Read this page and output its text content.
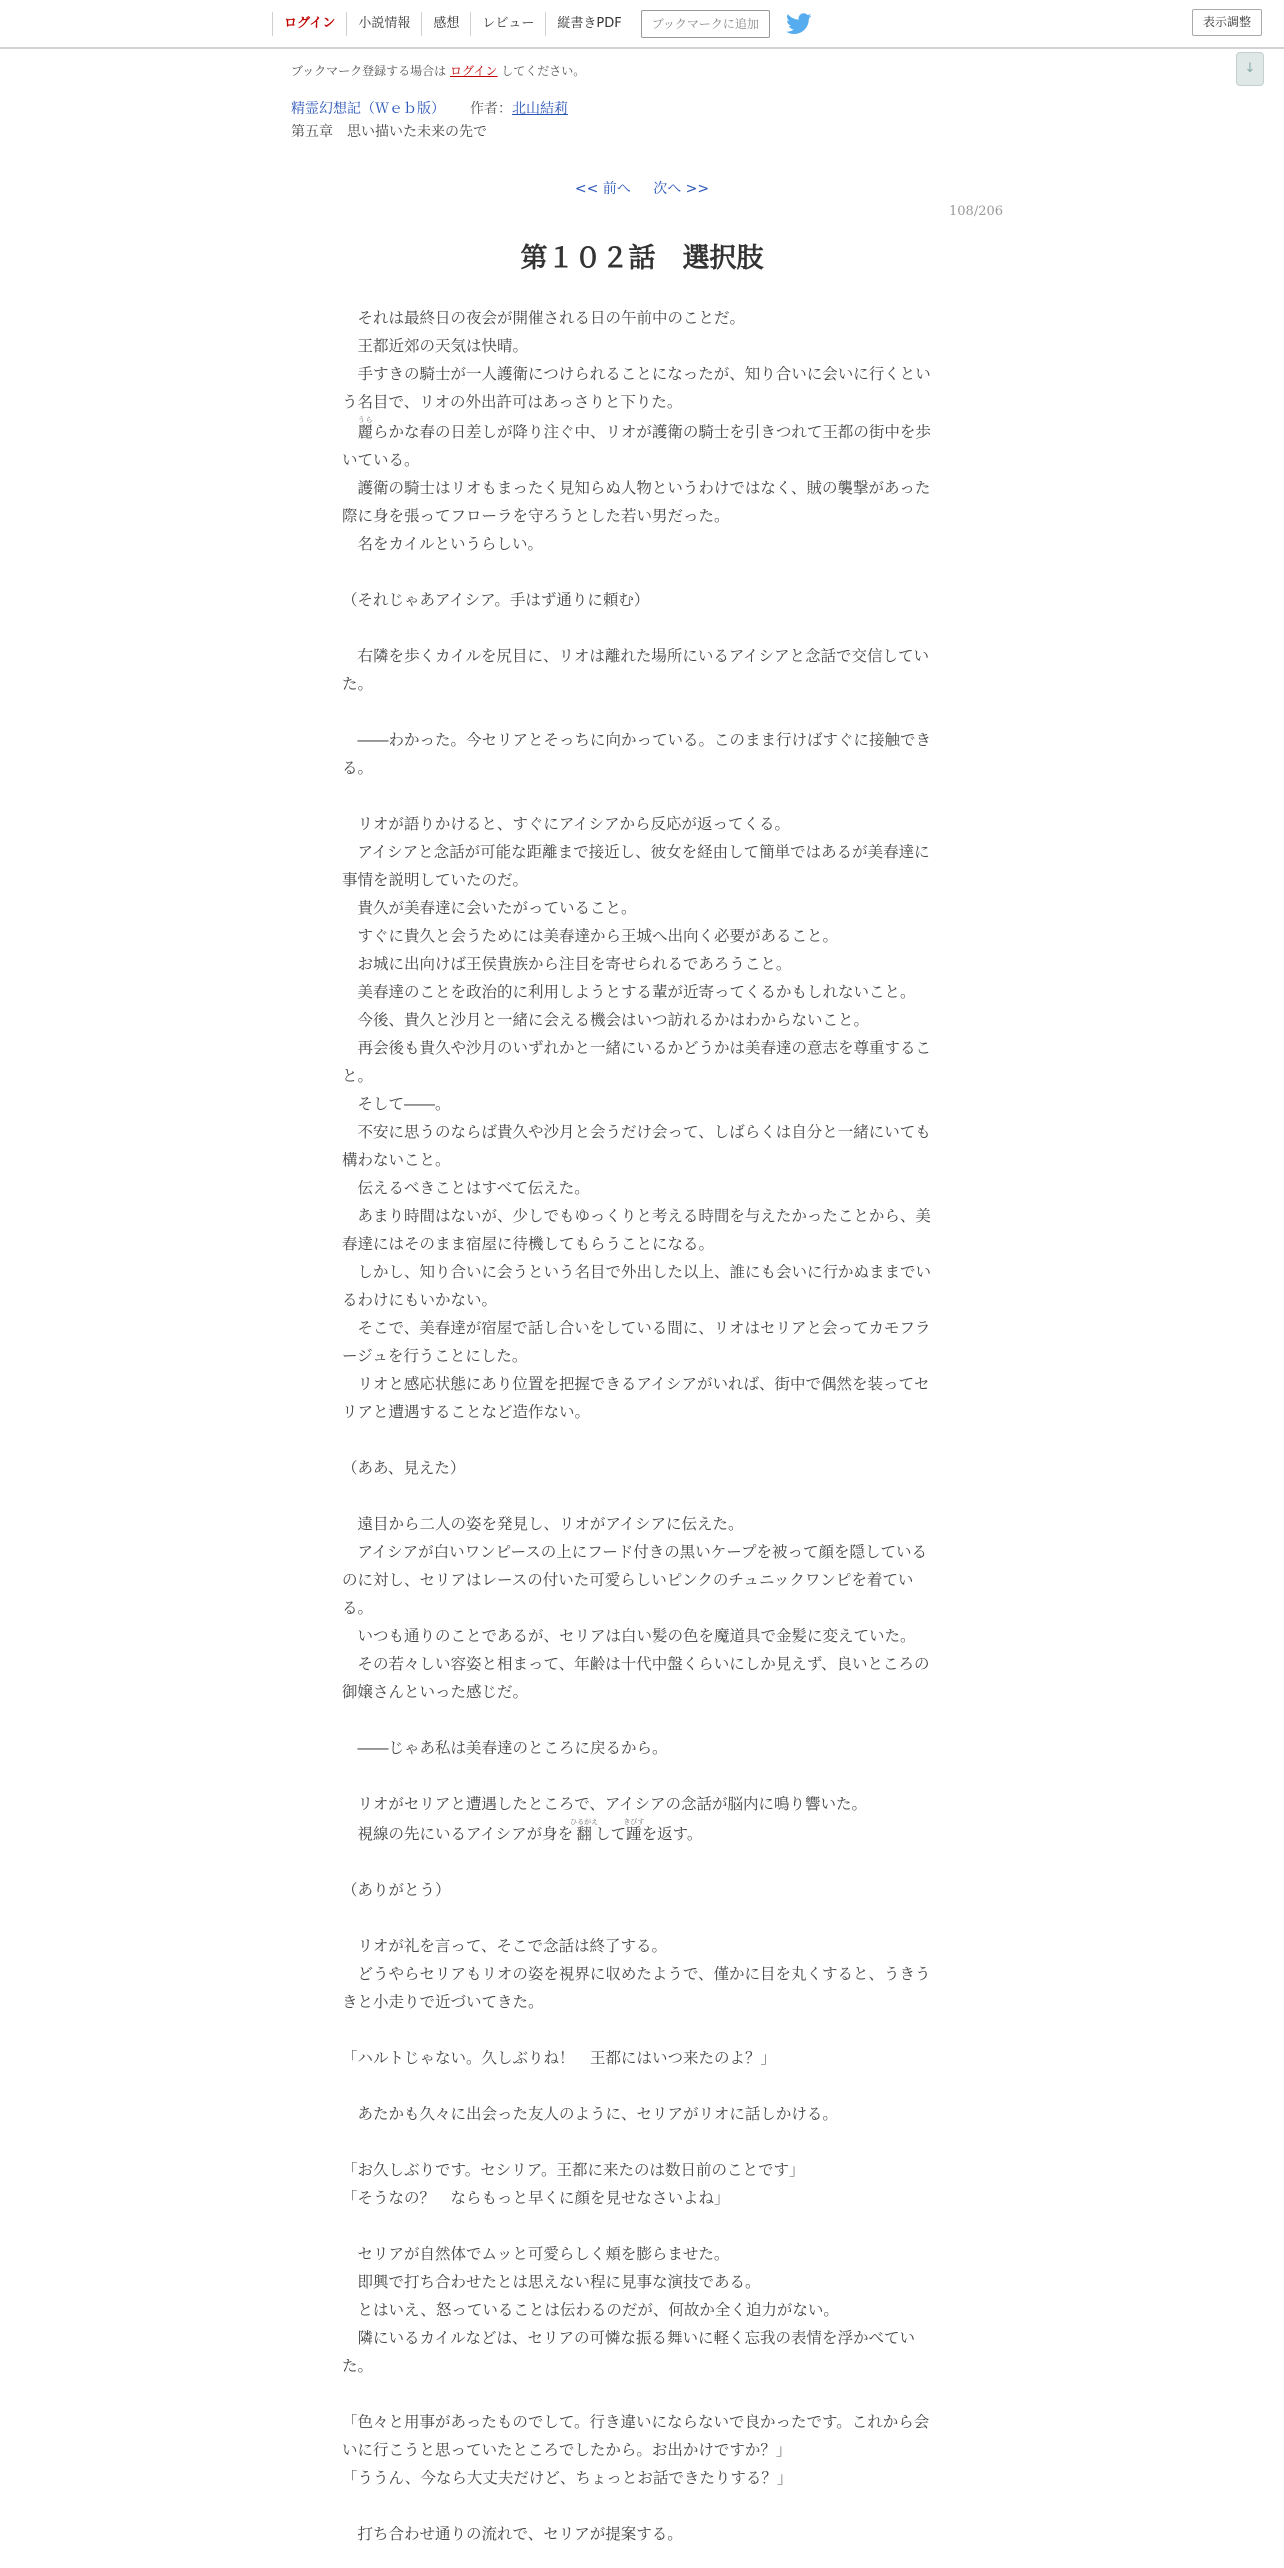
ログイン	小説情報	感想	レビュー	縦書きPDF	ブックマークに追加	表示調整
↓
ブックマーク登録する場合は ログイン してください。
精霊幻想記（Ｗｅｂ版） 作者：北山結莉
第五章　思い描いた未来の先で
<< 前へ 次へ >>
108/206
第１０２話　選択肢
　それは最終日の夜会が開催される日の午前中のことだ。
　王都近郊の天気は快晴。
　手すきの騎士が一人護衛につけられることになったが、知り合いに会いに行くという名目で、リオの外出許可はあっさりと下りた。
　麗うららかな春の日差しが降り注ぐ中、リオが護衛の騎士を引きつれて王都の街中を歩いている。
　護衛の騎士はリオもまったく見知らぬ人物というわけではなく、賊の襲撃があった際に身を張ってフローラを守ろうとした若い男だった。
　名をカイルというらしい。
（それじゃあアイシア。手はず通りに頼む）
　右隣を歩くカイルを尻目に、リオは離れた場所にいるアイシアと念話で交信していた。
　――わかった。今セリアとそっちに向かっている。このまま行けばすぐに接触できる。
　リオが語りかけると、すぐにアイシアから反応が返ってくる。
　アイシアと念話が可能な距離まで接近し、彼女を経由して簡単ではあるが美春達に事情を説明していたのだ。
　貴久が美春達に会いたがっていること。
　すぐに貴久と会うためには美春達から王城へ出向く必要があること。
　お城に出向けば王侯貴族から注目を寄せられるであろうこと。
　美春達のことを政治的に利用しようとする輩が近寄ってくるかもしれないこと。
　今後、貴久と沙月と一緒に会える機会はいつ訪れるかはわからないこと。
　再会後も貴久や沙月のいずれかと一緒にいるかどうかは美春達の意志を尊重すること。
　そして――。
　不安に思うのならば貴久や沙月と会うだけ会って、しばらくは自分と一緒にいても構わないこと。
　伝えるべきことはすべて伝えた。
　あまり時間はないが、少しでもゆっくりと考える時間を与えたかったことから、美春達にはそのまま宿屋に待機してもらうことになる。
　しかし、知り合いに会うという名目で外出した以上、誰にも会いに行かぬままでいるわけにもいかない。
　そこで、美春達が宿屋で話し合いをしている間に、リオはセリアと会ってカモフラージュを行うことにした。
　リオと感応状態にあり位置を把握できるアイシアがいれば、街中で偶然を装ってセリアと遭遇することなど造作ない。
（ああ、見えた）
　遠目から二人の姿を発見し、リオがアイシアに伝えた。
　アイシアが白いワンピースの上にフード付きの黒いケープを被って顔を隠しているのに対し、セリアはレースの付いた可愛らしいピンクのチュニックワンピを着ている。
　いつも通りのことであるが、セリアは白い髪の色を魔道具で金髪に変えていた。
　その若々しい容姿と相まって、年齢は十代中盤くらいにしか見えず、良いところの御嬢さんといった感じだ。
　――じゃあ私は美春達のところに戻るから。
　リオがセリアと遭遇したところで、アイシアの念話が脳内に鳴り響いた。
　視線の先にいるアイシアが身を翻ひるがえして踵きびすを返す。
（ありがとう）
　リオが礼を言って、そこで念話は終了する。
　どうやらセリアもリオの姿を視界に収めたようで、僅かに目を丸くすると、うきうきと小走りで近づいてきた。
「ハルトじゃない。久しぶりね！　王都にはいつ来たのよ？」
　あたかも久々に出会った友人のように、セリアがリオに話しかける。
「お久しぶりです。セシリア。王都に来たのは数日前のことです」
「そうなの？　ならもっと早くに顔を見せなさいよね」
　セリアが自然体でムッと可愛らしく頬を膨らませた。
　即興で打ち合わせたとは思えない程に見事な演技である。
　とはいえ、怒っていることは伝わるのだが、何故か全く迫力がない。
　隣にいるカイルなどは、セリアの可憐な振る舞いに軽く忘我の表情を浮かべていた。
「色々と用事があったものでして。行き違いにならないで良かったです。これから会いに行こうと思っていたところでしたから。お出かけですか？」
「ううん、今なら大丈夫だけど、ちょっとお話できたりする？」
　打ち合わせ通りの流れで、セリアが提案する。
